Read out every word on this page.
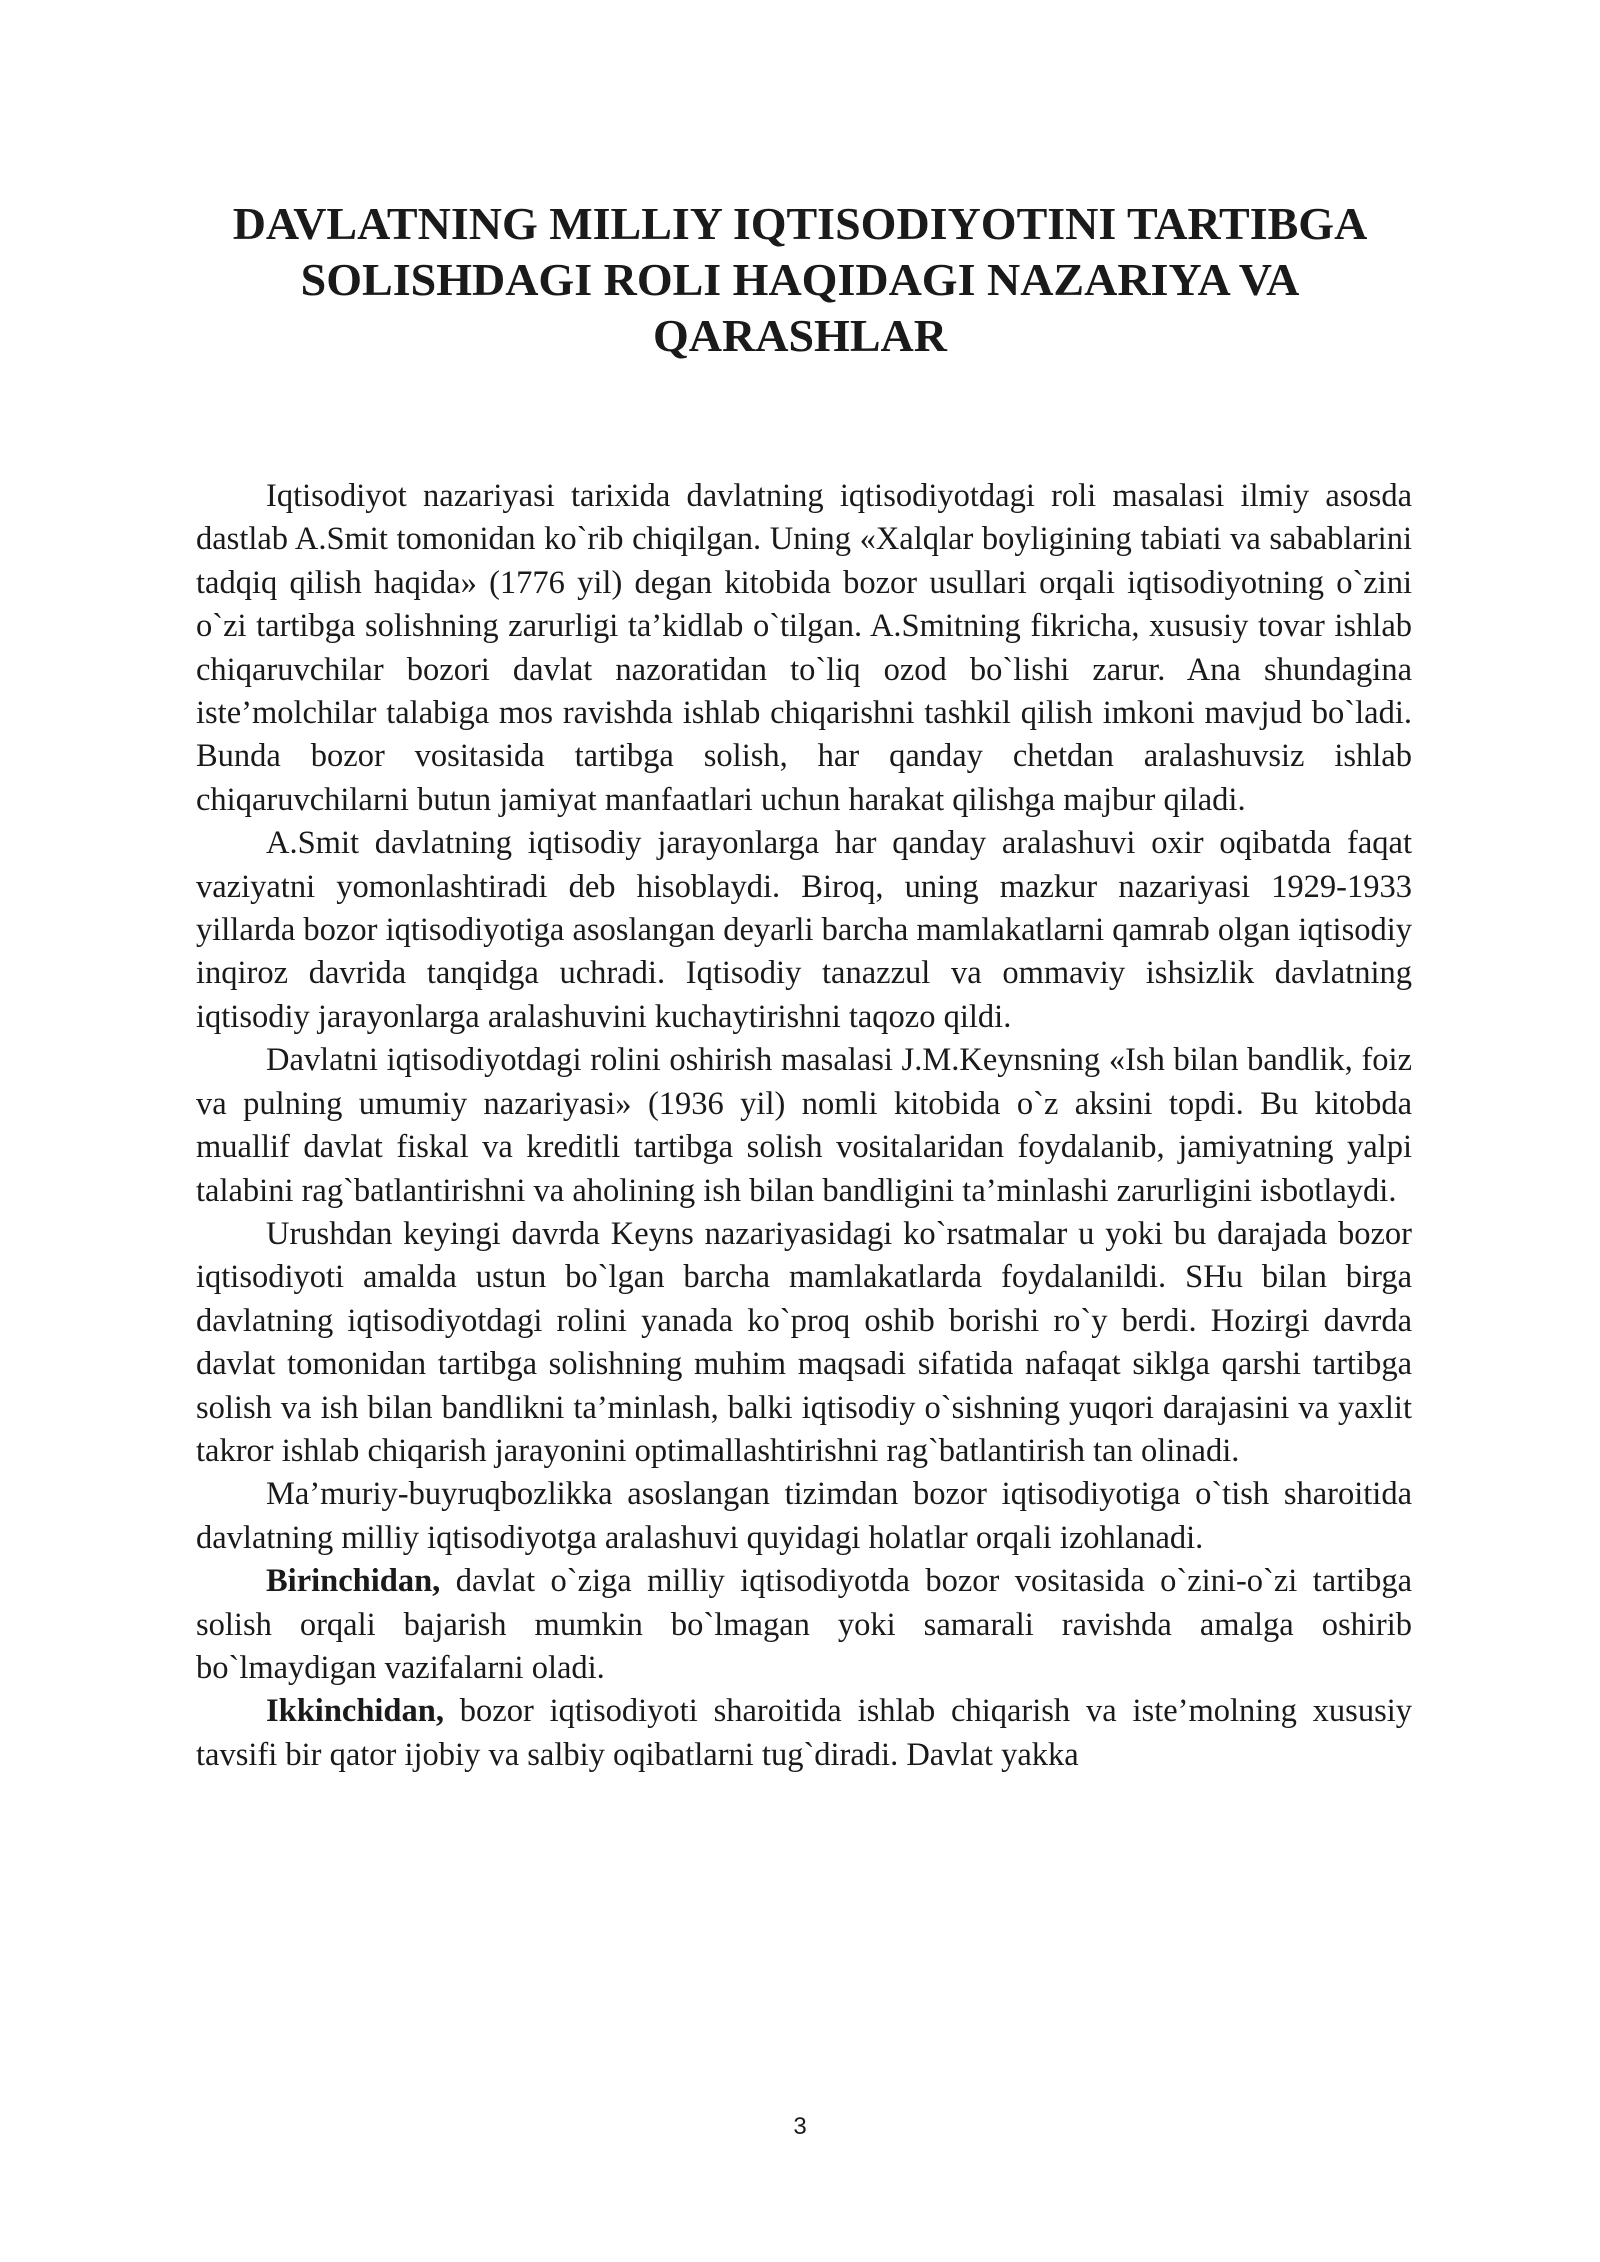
DAVLATNING MILLIY IQTISODIYOTINI TARTIBGA
SOLISHDAGI ROLI HAQIDAGI NAZARIYA VA
QARASHLAR

Iqtisodiyot nazariyasi tarixida davlatning iqtisodiyotdagi roli masalasi ilmiy asosda dastlab A.Smit tomonidan ko`rib chiqilgan. Uning «Xalqlar boyligining tabiati va sabablarini tadqiq qilish haqida» (1776 yil) degan kitobida bozor usullari orqali iqtisodiyotning o`zini o`zi tartibga solishning zarurligi ta’kidlab o`tilgan. A.Smitning fikricha, xususiy tovar ishlab chiqaruvchilar bozori davlat nazoratidan to`liq ozod bo`lishi zarur. Ana shundagina iste’molchilar talabiga mos ravishda ishlab chiqarishni tashkil qilish imkoni mavjud bo`ladi. Bunda bozor vositasida tartibga solish, har qanday chetdan aralashuvsiz ishlab chiqaruvchilarni butun jamiyat manfaatlari uchun harakat qilishga majbur qiladi.

A.Smit davlatning iqtisodiy jarayonlarga har qanday aralashuvi oxir oqibatda faqat vaziyatni yomonlashtiradi deb hisoblaydi. Biroq, uning mazkur nazariyasi 1929-1933 yillarda bozor iqtisodiyotiga asoslangan deyarli barcha mamlakatlarni qamrab olgan iqtisodiy inqiroz davrida tanqidga uchradi. Iqtisodiy tanazzul va ommaviy ishsizlik davlatning iqtisodiy jarayonlarga aralashuvini kuchaytirishni taqozo qildi.

Davlatni iqtisodiyotdagi rolini oshirish masalasi J.M.Keynsning «Ish bilan bandlik, foiz va pulning umumiy nazariyasi» (1936 yil) nomli kitobida o`z aksini topdi. Bu kitobda muallif davlat fiskal va kreditli tartibga solish vositalaridan foydalanib, jamiyatning yalpi talabini rag`batlantirishni va aholining ish bilan bandligini ta’minlashi zarurligini isbotlaydi.

Urushdan keyingi davrda Keyns nazariyasidagi ko`rsatmalar u yoki bu darajada bozor iqtisodiyoti amalda ustun bo`lgan barcha mamlakatlarda foydalanildi. SHu bilan birga davlatning iqtisodiyotdagi rolini yanada ko`proq oshib borishi ro`y berdi. Hozirgi davrda davlat tomonidan tartibga solishning muhim maqsadi sifatida nafaqat siklga qarshi tartibga solish va ish bilan bandlikni ta’minlash, balki iqtisodiy o`sishning yuqori darajasini va yaxlit takror ishlab chiqarish jarayonini optimallashtirishni rag`batlantirish tan olinadi.

Ma’muriy-buyruqbozlikka asoslangan tizimdan bozor iqtisodiyotiga o`tish sharoitida davlatning milliy iqtisodiyotga aralashuvi quyidagi holatlar orqali izohlanadi.

Birinchidan, davlat o`ziga milliy iqtisodiyotda bozor vositasida o`zini-o`zi tartibga solish orqali bajarish mumkin bo`lmagan yoki samarali ravishda amalga oshirib bo`lmaydigan vazifalarni oladi.

Ikkinchidan, bozor iqtisodiyoti sharoitida ishlab chiqarish va iste’molning xususiy tavsifi bir qator ijobiy va salbiy oqibatlarni tug`diradi. Davlat yakka

3
